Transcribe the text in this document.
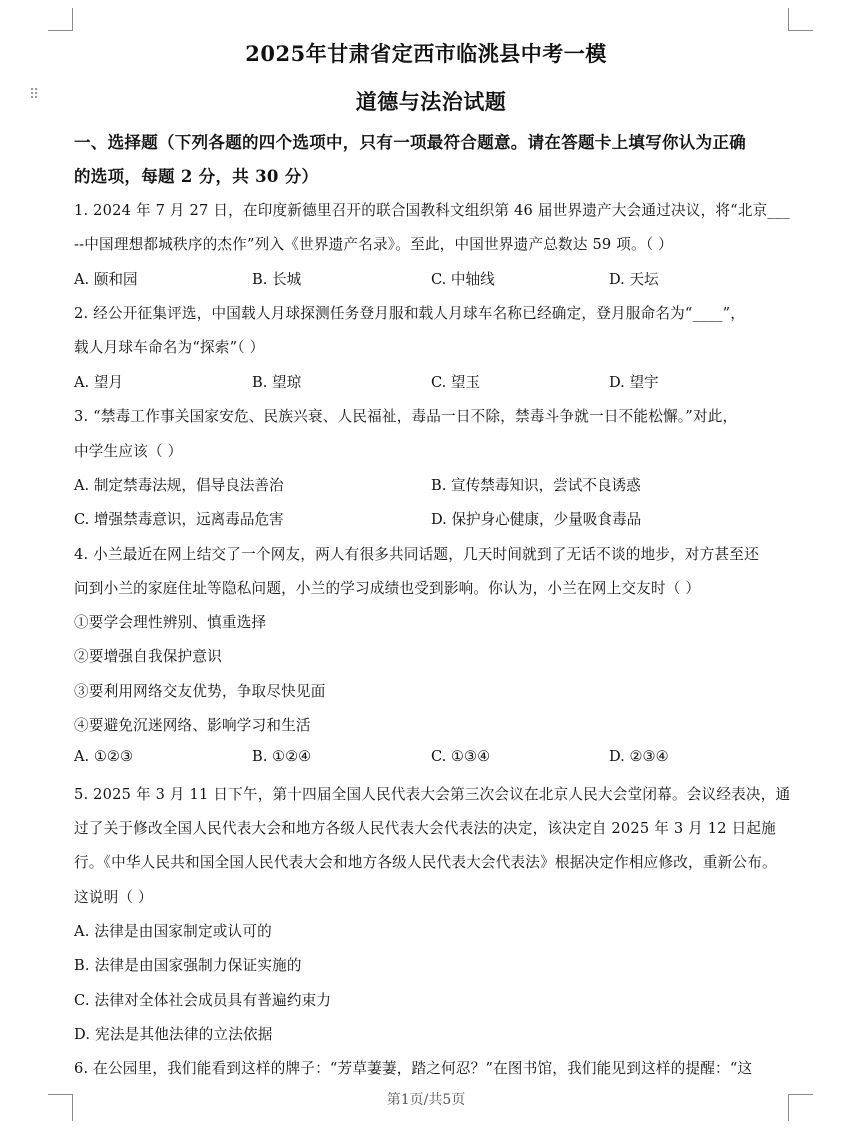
⠿
2025年甘肃省定西市临洮县中考一模
道德与法治试题
一、选择题（下列各题的四个选项中，只有一项最符合题意。请在答题卡上填写你认为正确
的选项，每题 2 分，共 30 分）
1. 2024 年 7 月 27 日，在印度新德里召开的联合国教科文组织第 46 届世界遗产大会通过决议，将“北京___
--中国理想都城秩序的杰作”列入《世界遗产名录》。至此，中国世界遗产总数达 59 项。（ ）
A. 颐和园	B. 长城	C. 中轴线	D. 天坛
2. 经公开征集评选，中国载人月球探测任务登月服和载人月球车名称已经确定，登月服命名为“____”，
载人月球车命名为“探索”（ ）
A. 望月	B. 望琼	C. 望玉	D. 望宇
3. “禁毒工作事关国家安危、民族兴衰、人民福祉，毒品一日不除，禁毒斗争就一日不能松懈。”对此，
中学生应该（ ）
A. 制定禁毒法规，倡导良法善治	B. 宣传禁毒知识，尝试不良诱惑
C. 增强禁毒意识，远离毒品危害	D. 保护身心健康，少量吸食毒品
4. 小兰最近在网上结交了一个网友，两人有很多共同话题，几天时间就到了无话不谈的地步，对方甚至还
问到小兰的家庭住址等隐私问题，小兰的学习成绩也受到影响。你认为，小兰在网上交友时（ ）
①要学会理性辨别、慎重选择
②要增强自我保护意识
③要利用网络交友优势，争取尽快见面
④要避免沉迷网络、影响学习和生活
A. ①②③	B. ①②④	C. ①③④	D. ②③④
5. 2025 年 3 月 11 日下午，第十四届全国人民代表大会第三次会议在北京人民大会堂闭幕。会议经表决，通
过了关于修改全国人民代表大会和地方各级人民代表大会代表法的决定，该决定自 2025 年 3 月 12 日起施
行。《中华人民共和国全国人民代表大会和地方各级人民代表大会代表法》根据决定作相应修改，重新公布。
这说明（ ）
A. 法律是由国家制定或认可的
B. 法律是由国家强制力保证实施的
C. 法律对全体社会成员具有普遍约束力
D. 宪法是其他法律的立法依据
6. 在公园里，我们能看到这样的牌子：“芳草萋萋，踏之何忍？”在图书馆，我们能见到这样的提醒：“这
第1页/共5页
